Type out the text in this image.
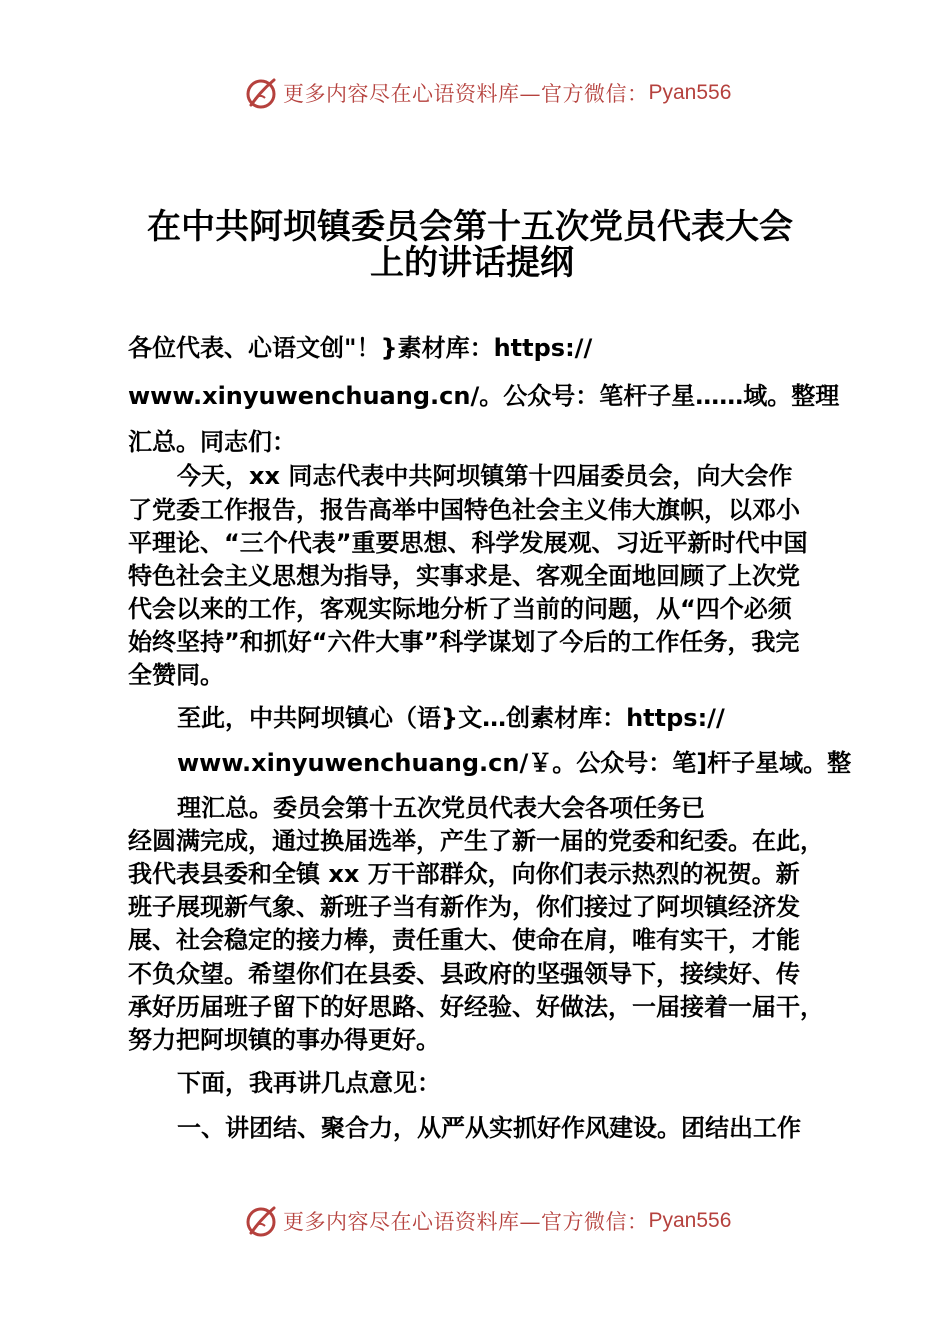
更多内容尽在心语资料库—官方微信： Pyan556
在中共阿坝镇委员会第十五次党员代表大会
上的讲话提纲
各位代表、心语文创"！}素材库：https://
www.xinyuwenchuang.cn/。公众号：笔杆子星……域。整理
汇总。同志们：
今天，xx 同志代表中共阿坝镇第十四届委员会，向大会作
了党委工作报告，报告高举中国特色社会主义伟大旗帜，以邓小
平理论、“三个代表”重要思想、科学发展观、习近平新时代中国
特色社会主义思想为指导，实事求是、客观全面地回顾了上次党
代会以来的工作，客观实际地分析了当前的问题，从“四个必须
始终坚持”和抓好“六件大事”科学谋划了今后的工作任务，我完
全赞同。
至此，中共阿坝镇心（语}文…创素材库：https://
www.xinyuwenchuang.cn/￥。公众号：笔]杆子星域。整
理汇总。委员会第十五次党员代表大会各项任务已
经圆满完成，通过换届选举，产生了新一届的党委和纪委。在此，
我代表县委和全镇 xx 万干部群众，向你们表示热烈的祝贺。新
班子展现新气象、新班子当有新作为，你们接过了阿坝镇经济发
展、社会稳定的接力棒，责任重大、使命在肩，唯有实干，才能
不负众望。希望你们在县委、县政府的坚强领导下，接续好、传
承好历届班子留下的好思路、好经验、好做法，一届接着一届干，
努力把阿坝镇的事办得更好。
下面，我再讲几点意见：
一、讲团结、聚合力，从严从实抓好作风建设。团结出工作
更多内容尽在心语资料库—官方微信： Pyan556
